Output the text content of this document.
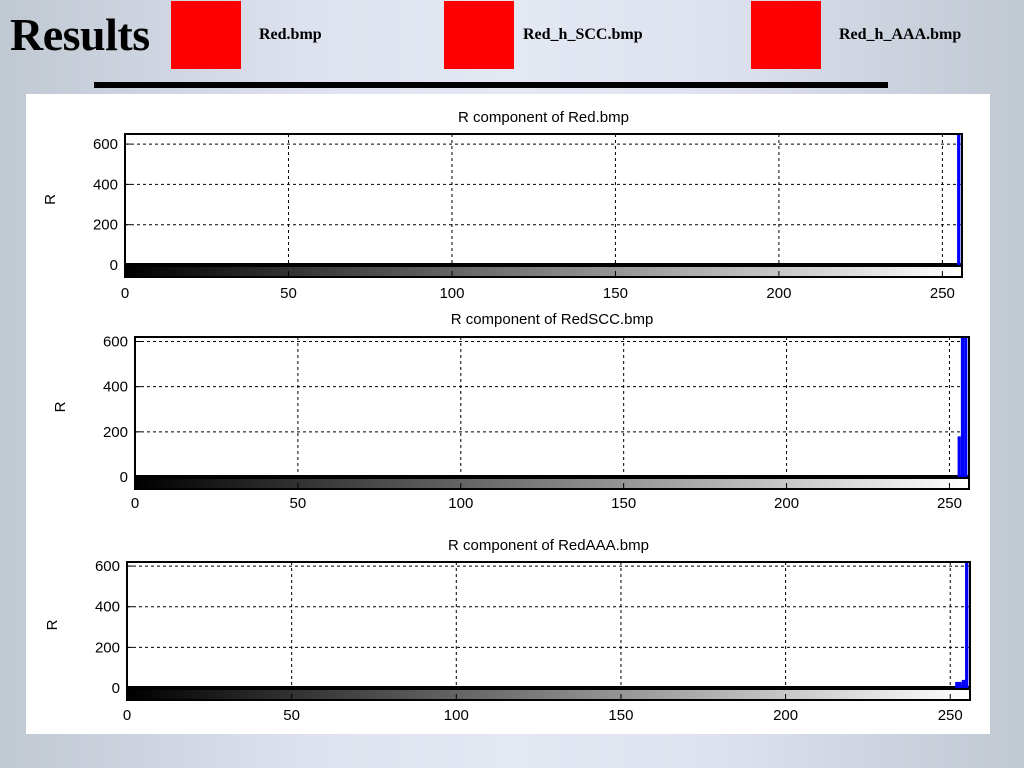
Results	Red.bmp	Red_h_SCC.bmp	Red_h_AAA.bmp
R component of Red.bmp
R
0	50	100	150	200	250
0
200
400
600
R component of RedSCC.bmp
R
0	50	100	150	200	250
0
200
400
600
R component of RedAAA.bmp
R
0	50	100	150	200	250
0
200
400
600
